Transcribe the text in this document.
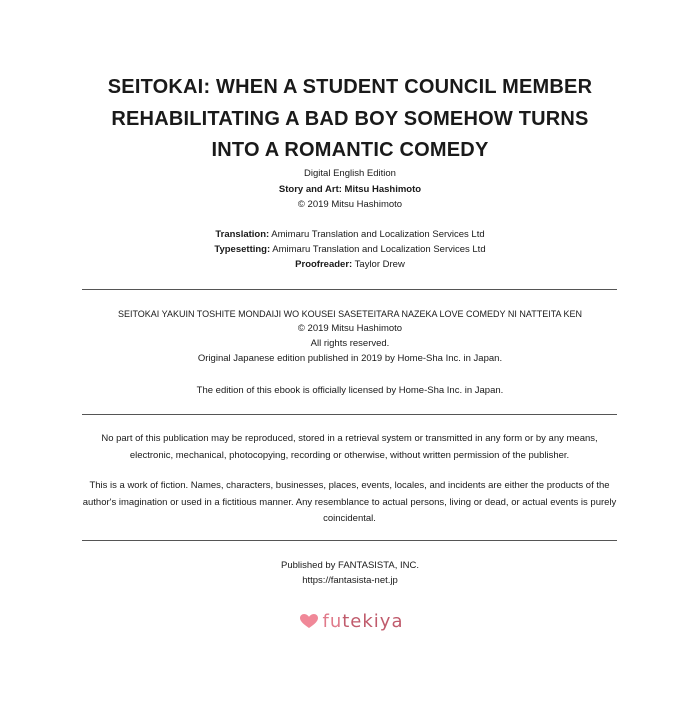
SEITOKAI: WHEN A STUDENT COUNCIL MEMBER
REHABILITATING A BAD BOY SOMEHOW TURNS
INTO A ROMANTIC COMEDY
Digital English Edition
Story and Art: Mitsu Hashimoto
© 2019 Mitsu Hashimoto
Translation: Amimaru Translation and Localization Services Ltd
Typesetting: Amimaru Translation and Localization Services Ltd
Proofreader: Taylor Drew
SEITOKAI YAKUIN TOSHITE MONDAIJI WO KOUSEI SASETEITARA NAZEKA LOVE COMEDY NI NATTEITA KEN
© 2019 Mitsu Hashimoto
All rights reserved.
Original Japanese edition published in 2019 by Home-Sha Inc. in Japan.
The edition of this ebook is officially licensed by Home-Sha Inc. in Japan.
No part of this publication may be reproduced, stored in a retrieval system or transmitted in any form or by any means, electronic, mechanical, photocopying, recording or otherwise, without written permission of the publisher.
This is a work of fiction. Names, characters, businesses, places, events, locales, and incidents are either the products of the author's imagination or used in a fictitious manner. Any resemblance to actual persons, living or dead, or actual events is purely coincidental.
Published by FANTASISTA, INC.
https://fantasista-net.jp
futekiya
